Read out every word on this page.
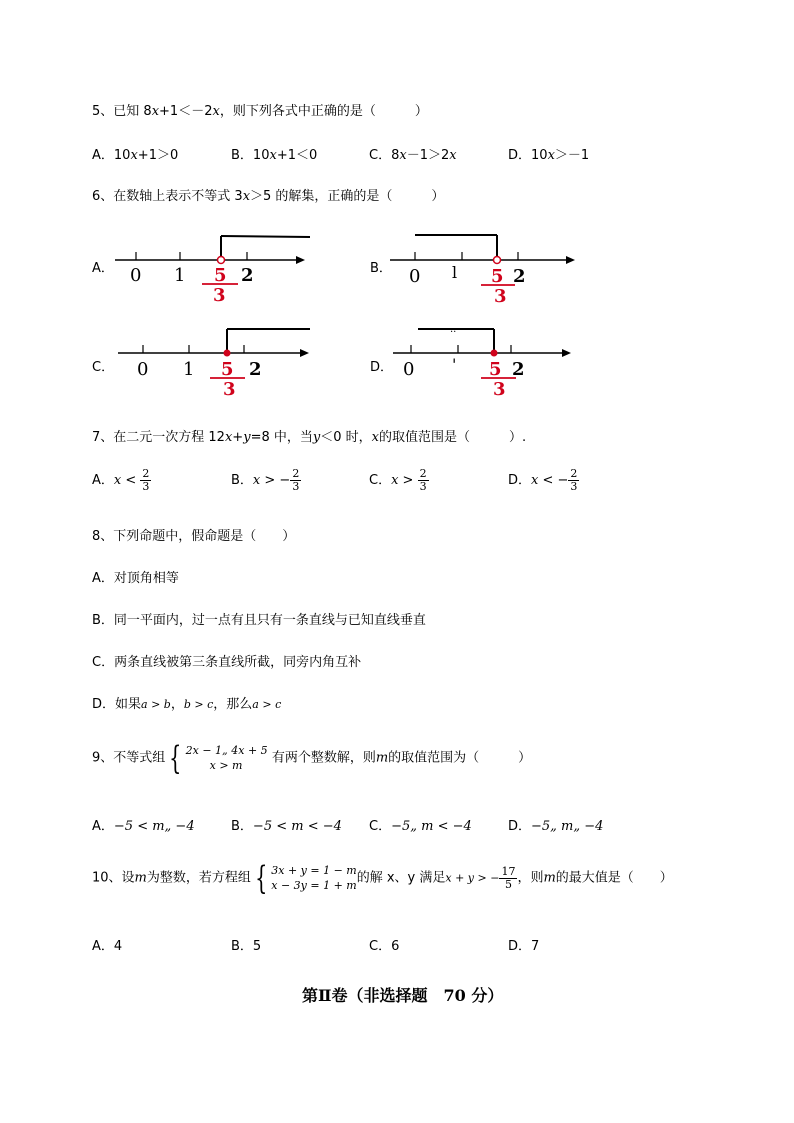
5、已知 8x+1＜－2x，则下列各式中正确的是（　　　）
A．10x+1＞0	B．10x+1＜0	C．8x－1＞2x	D．10x＞－1
6、在数轴上表示不等式 3x＞5 的解集，正确的是（　　　）
A． 0 1	2
5
3
B． 0 l	2
5
3
C． 0 1	2
5
3
D．
..
0 '	2
5
3
7、在二元一次方程 12x+y=8 中，当y＜0 时，x的取值范围是（　　　）.
A．$x < \frac{2}{3}$	B．x > − $\frac{2}{3}$	C．$x > \frac{2}{3}$	D．x < − $\frac{2}{3}$
8、下列命题中，假命题是（　　）
A．对顶角相等
B．同一平面内，过一点有且只有一条直线与已知直线垂直
C．两条直线被第三条直线所截，同旁内角互补
D．如果a > b，b > c，那么a > c
9、不等式组 { 2x − 1„ 4x + 5
x > m	有两个整数解，则m的取值范围为（　　　）
A．−5 < m„ −4	B．−5 < m < −4 C．−5„ m < −4	D．−5„ m„ −4
10、设m为整数，若方程组 { 3x + y = 1 − m
x − 3y = 1 + m 的解 x、y 满足x + y > − $\frac{17}{5}$ ，则m的最大值是（　　）
A．4	B．5	C．6	D．7
第Ⅱ卷（非选择题　70 分）
